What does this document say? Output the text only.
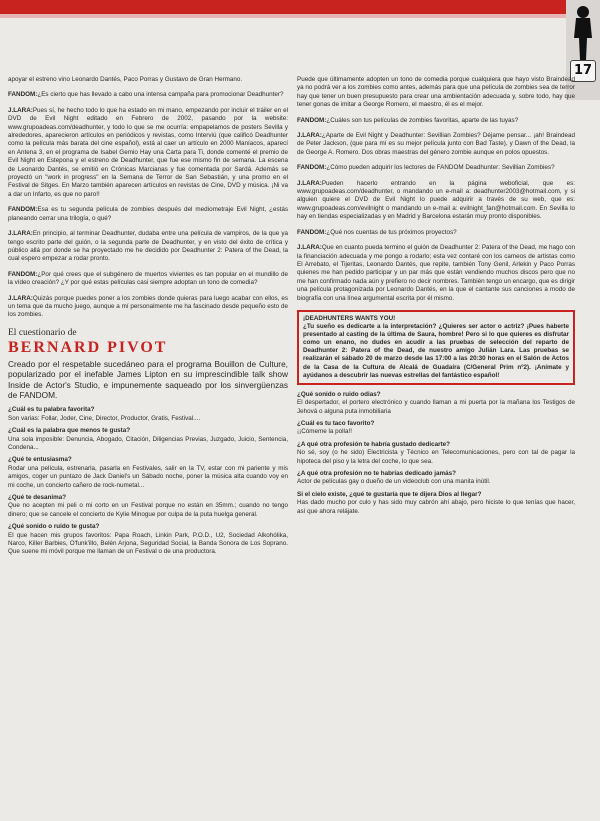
17

apoyar el estreno vino Leonardo Dantés, Paco Porras y Gustavo de Gran Hermano.

FANDOM:¿Es cierto que has llevado a cabo una intensa campaña para promocionar Deadhunter?

J.LARA:Pues sí, he hecho todo lo que ha estado en mi mano, empezando por incluir el tráiler en el DVD de Evil Night editado en Febrero de 2002, pasando por la website: www.grupoadeas.com/deadhunter, y todo lo que se me ocurría: empapelamos de posters Sevilla y alrededores, aparecieron artículos en periódicos y revistas, como Interviú (que calificó Deadhunter como la película más barata del cine español), está al caer un artículo en 2000 Maníacos, aparecí en Antena 3, en el programa de Isabel Gemio Hay una Carta para Ti, donde comenté el premio de Evil Night en Estepona y el estreno de Deadhunter, que fue ese mismo fin de semana. La escena de Leonardo Dantés, se emitió en Crónicas Marcianas y fue comentada por Sardá. Además se proyectó un "work in progress" en la Semana de Terror de San Sebastián, y una promo en el Festival de Sitges. En Marzo también aparecen artículos en revistas de Cine, DVD y música. ¡Ni va a dar un Infarto, es que no paro!!

FANDOM:Esa es tu segunda película de zombies después del mediometraje Evil Night, ¿estás planeando cerrar una trilogía, o qué?

J.LARA:En principio, al terminar Deadhunter, dudaba entre una película de vampiros, de la que ya tengo escrito parte del guión, o la segunda parte de Deadhunter, y en visto del éxito de crítica y público allá por donde se ha proyectado me he decidido por Deadhunter 2: Patera of the Dead, la cual espero empezar a rodar pronto.

FANDOM:¿Por qué crees que el subgénero de muertos vivientes es tan popular en el mundillo de la vídeo creación? ¿Y por qué estas películas casi siempre adoptan un tono de comedia?

J.LARA:Quizás porque puedes poner a los zombies donde quieras para luego acabar con ellos, es un tema que da mucho juego, aunque a mí personalmente me ha fascinado desde pequeño esto de los zombies.

El cuestionario de
BERNARD PIVOT

Creado por el respetable sucedáneo para el programa Bouillon de Culture, popularizado por el inefable James Lipton en su imprescindible talk show Inside de Actor's Studio, e impunemente saqueado por los sinvergüenzas de FANDOM.

¿Cuál es tu palabra favorita?

Son varias: Follar, Joder, Cine, Director, Productor, Gratis, Festival....

¿Cuál es la palabra que menos te gusta?

Una sola imposible: Denuncia, Abogado, Citación, Diligencias Previas, Juzgado, Juicio, Sentencia, Condena...

¿Qué te entusiasma?

Rodar una película, estrenarla, pasarla en Festivales, salir en la TV, estar con mi pariente y mis amigos, coger un puntazo de Jack Daniel's un Sábado noche, poner la música alta cuando voy en mi coche, un concierto cañero de rock-numetal...

¿Qué te desanima?

Que no acepten mi peli o mi corto en un Festival porque no están en 35mm.; cuando no tengo dinero; que se cancele el concierto de Kylie Minogue por culpa de la puta huelga general.

¿Qué sonido o ruido te gusta?

El que hacen mis grupos favoritos: Papa Roach, Linkin Park, P.O.D., U2, Sociedad Alkohólika, Narco, Killer Barbies, O'funk'illo, Belén Arjona, Seguridad Social, la Banda Sonora de Los Soprano. Que suene mi móvil porque me llaman de un Festival o de una productora.

Puede que últimamente adopten un tono de comedia porque cualquiera que hayo visto Braindead ya no podrá ver a los zombies como antes, además para que una película de zombies sea de terror hay que tener un buen presupuesto para crear una ambientación adecuada y, sobre todo, hay que tener gonas de imitar a George Romero, el maestro, él es el mejor.

FANDOM:¿Cuáles son tus películas de zombies favoritas, aparte de las tuyas?

J.LARA:¿Aparte de Evil Night y Deadhunter: Sevillian Zombies? Déjame pensar... ¡ah! Braindead de Peter Jackson, (que para mí es su mejor película junto con Bad Taste), y Dawn of the Dead, la de George A. Romero. Dos obras maestras del género zombie aunque en polos opuestos.

FANDOM:¿Cómo pueden adquirir los lectores de FANDOM Deadhunter: Sevillian Zombies?

J.LARA:Pueden hacerlo entrando en la página weboficial, que es: www.grupoadeas.com/deadhunter, o mandando un e-mail a: deadhunter2003@hotmail.com, y si alguien quiere el DVD de Evil Night lo puede adquirir a través de su web, que es: www.grupoadeas.com/evilnight o mandando un e-mail a: evilnight_fan@hotmail.com. En Sevilla lo hay en tiendas especializadas y en Madrid y Barcelona estarán muy pronto disponibles.

FANDOM:¿Qué nos cuentas de tus próximos proyectos?

J.LARA:Que en cuanto pueda termino el guión de Deadhunter 2: Patera of the Dead, me hago con la financiación adecuada y me pongo a rodarlo; esta vez contaré con los cameos de artistas como El Arrebato, el Tijeritas, Leonardo Dantés, que repite, también Tony Genil, Arlekin y Paco Porras quienes me han pedido participar y un par más que están vendiendo muchos discos pero que no me han confirmado nada aún y prefiero no decir nombres. También tengo un encargo, que es dirigir una película protagonizada por Leonardo Dantés, en la que el cantante sus canciones a modo de biografía con una línea argumental escrita por él mismo.

¡DEADHUNTERS WANTS YOU!
¿Tu sueño es dedicarte a la interpretación? ¿Quieres ser actor o actriz? ¡Pues haberte presentado al casting de la última de Saura, hombre! Pero si lo que quieres es disfrutar como un enano, no dudes en acudir a las pruebas de selección del reparto de Deadhunter 2: Patera of the Dead, de nuestro amigo Julián Lara. Las pruebas se realizarán el sábado 20 de marzo desde las 17:00 a las 20:30 horas en el Salón de Actos de la Casa de la Cultura de Alcalá de Guadaíra (C/General Prim nº2). ¡Anímate y ayúdanos a descubrir las nuevas estrellas del fantástico español!

¿Qué sonido o ruido odias?

El despertador, el portero electrónico y cuando llaman a mi puerta por la mañana los Testigos de Jehová o alguna puta inmobiliaria

¿Cuál es tu taco favorito?

¡¡Cómeme la polla!!

¿A qué otra profesión te habría gustado dedicarte?

No sé, soy (o he sido) Electricista y Técnico en Telecomunicaciones, pero con tal de pagar la hipoteca del piso y la letra del coche, lo que sea.

¿A qué otra profesión no te habrías dedicado jamás?

Actor de películas gay o dueño de un videoclub con una manita inútil.

Si el cielo existe, ¿qué te gustaría que te dijera Dios al llegar?

Has dado mucho por culo y has sido muy cabrón ahí abajo, pero hiciste lo que tenías que hacer, así que ahora relájate.
